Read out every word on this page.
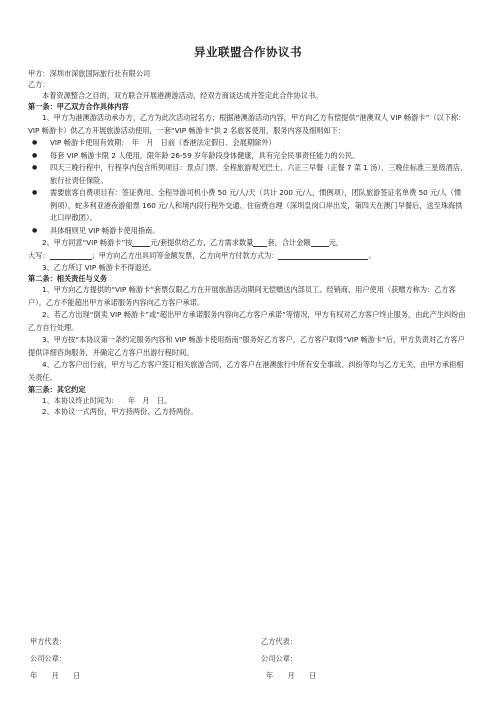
异业联盟合作协议书
甲方：深圳市深旅国际旅行社有限公司
乙方：
本着资源整合之目的，双方联合开展港澳游活动，经双方商谈达成并签定此合作协议书。
第一条：甲乙双方合作具体内容
1、甲方为港澳游活动承办方，乙方为此次活动冠名方；根据港澳游活动内容，甲方向乙方有偿提供“港澳双人 VIP 畅游卡”（以下称：VIP 畅游卡）供乙方开展旅游活动使用，一套“VIP 畅游卡”供 2 名旅客使用，服务内容及细则如下：
● VIP 畅游卡使用有效期：　年　月　日前（香港法定假日、会展期除外）
● 每套 VIP 畅游卡限 2 人使用，限年龄 26-59 岁年龄段身体健康，具有完全民事责任能力的公民。
● 四天三晚行程中，行程享内包含所列项目：景点门票、全程旅游观光巴士、六正三早餐（正餐 7 菜 1 汤）、三晚住标准三星级酒店、旅行社责任保险。
● 需要旅客自费项目有：签证费用、全程导游司机小费 50 元/人/天（共计 200 元/人，惯例项），团队旅游签证名单费 50 元/人（惯例项），蛇多利亚港夜游船票 160 元/人和境内段行程外交通、住宿费自理（深圳皇岗口岸出发，第四天在澳门早餐后，送至珠海拱北口岸散团）。
● 具体细则见 VIP 畅游卡使用指南。
2、甲方同意“VIP 畅游卡”按	元/套提供给乙方，乙方需求数量 套，合计金额	元，
大写：	；甲方向乙方出具同等金额发票，乙方向甲方付款方式为：	。
3、乙方所订 VIP 畅游卡不得退还。
第二条：相关责任与义务
1、甲方向乙方提供的“VIP 畅游卡”套票仅限乙方在开展旅游活动期间无偿赠送内部员工、经销商、用户使用（获赠方称为：乙方客户），乙方不能超出甲方承诺服务内容向乙方客户承诺。
2、若乙方出现“倒卖 VIP 畅游卡”或“超出甲方承诺服务内容向乙方客户承诺”等情况，甲方有权对乙方客户终止服务，由此产生纠纷由乙方自行处理。
3、甲方按“本协议第一条约定服务内容和 VIP 畅游卡使用指南”服务好乙方客户，乙方客户取得“VIP 畅游卡”后，甲方负责对乙方客户提供详细咨询服务，并确定乙方客户出游行程时间。
4、乙方客户出行前，甲方与乙方客户签订相关旅游合同，乙方客户在港澳旅行中所有安全事故、纠纷等均与乙方无关，由甲方承担相关责任。
第三条：其它约定
1、本协议终止时间为:　　年　月　日。
2、本协议一式两份，甲方持两份、乙方持两份。
甲方代表：	乙方代表：
公司公章：	公司公章：
年　　月　　日	年　　月　　日
